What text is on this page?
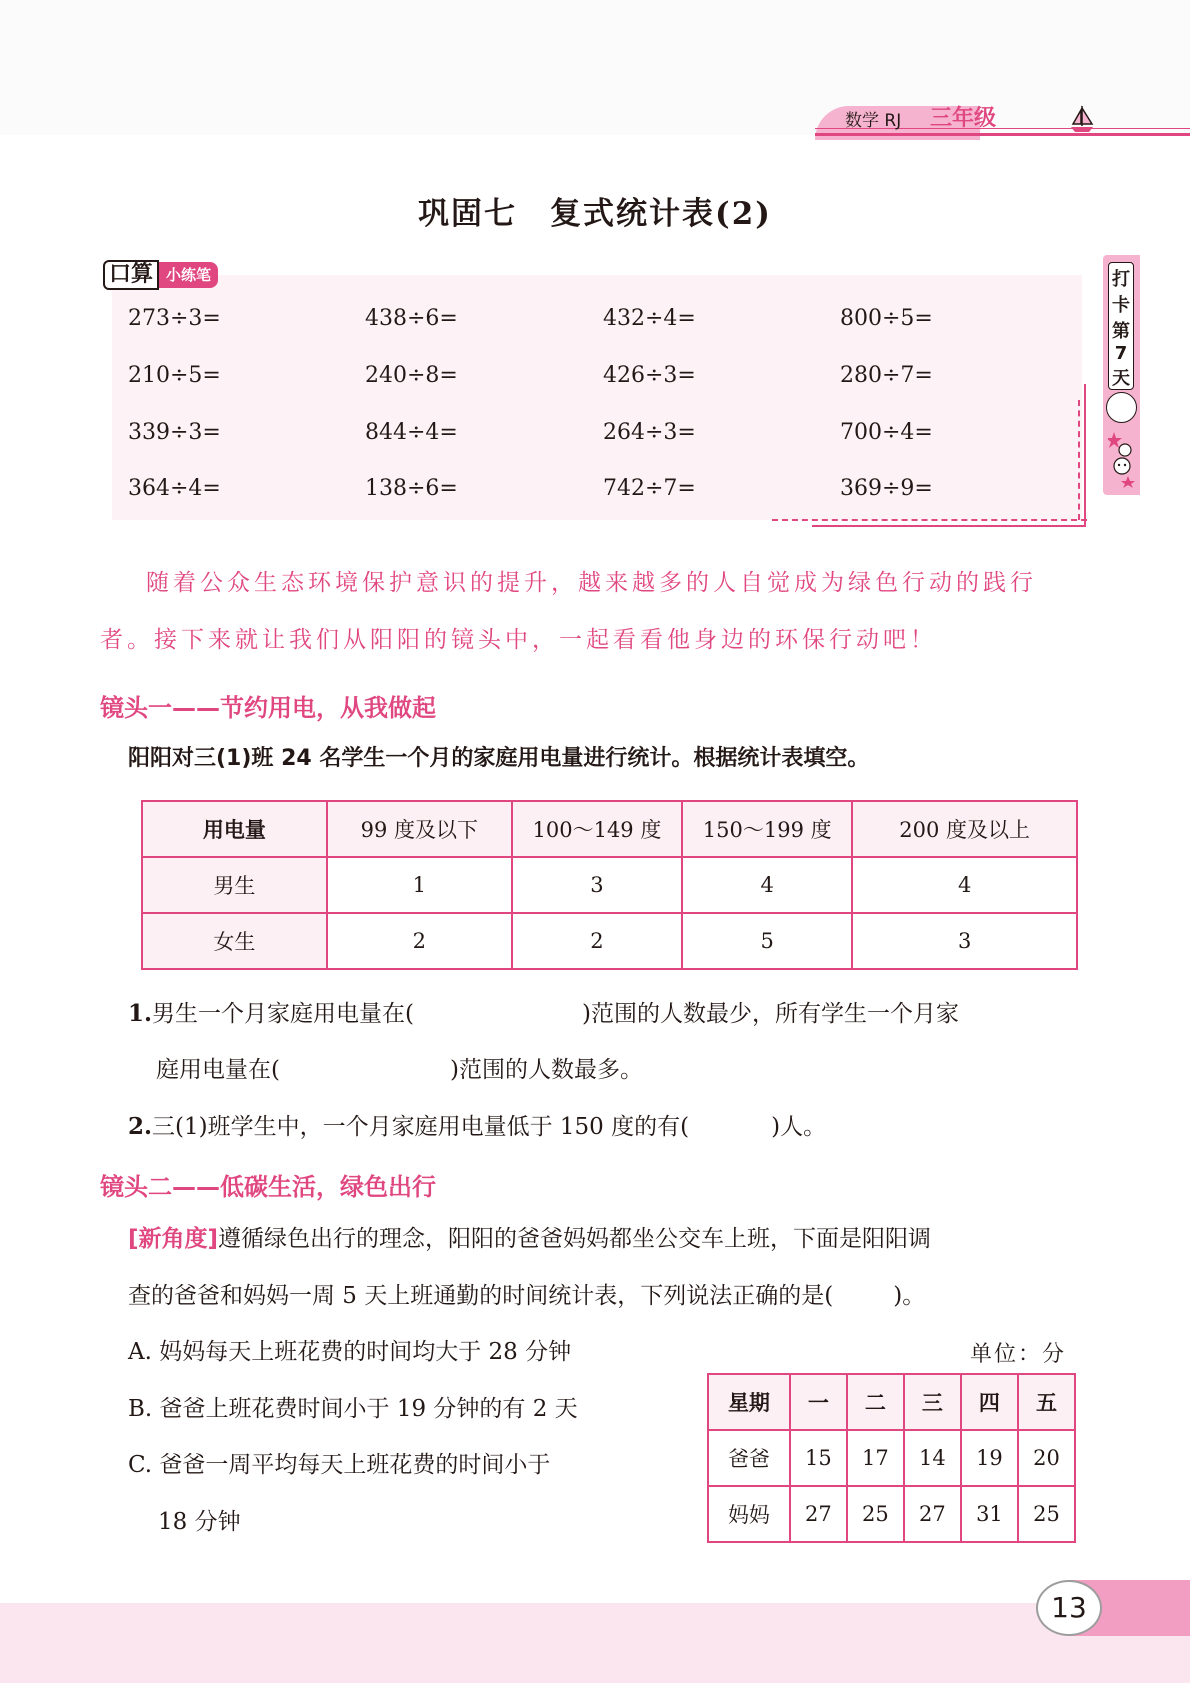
数学 RJ 三年级
巩固七　复式统计表(2)
口算 小练笔
273÷3=	438÷6=	432÷4=	800÷5=
210÷5=	240÷8=	426÷3=	280÷7=
339÷3=	844÷4=	264÷3=	700÷4=
364÷4=	138÷6=	742÷7=	369÷9=
打
卡
第
7
天
随着公众生态环境保护意识的提升，越来越多的人自觉成为绿色行动的践行
者。接下来就让我们从阳阳的镜头中，一起看看他身边的环保行动吧！
镜头一——节约用电，从我做起
阳阳对三(1)班 24 名学生一个月的家庭用电量进行统计。根据统计表填空。
用电量	99 度及以下	100～149 度	150～199 度	200 度及以上
男生	1	3	4	4
女生	2	2	5	3
1.男生一个月家庭用电量在(	)范围的人数最少，所有学生一个月家
庭用电量在(	)范围的人数最多。
2.三(1)班学生中，一个月家庭用电量低于 150 度的有(	)人。
镜头二——低碳生活，绿色出行
[新角度]遵循绿色出行的理念，阳阳的爸爸妈妈都坐公交车上班，下面是阳阳调
查的爸爸和妈妈一周 5 天上班通勤的时间统计表，下列说法正确的是(	)。
A. 妈妈每天上班花费的时间均大于 28 分钟
B. 爸爸上班花费时间小于 19 分钟的有 2 天
C. 爸爸一周平均每天上班花费的时间小于
18 分钟
单位：分
星期	一	二	三	四	五
爸爸	15	17	14	19	20
妈妈	27	25	27	31	25
13
